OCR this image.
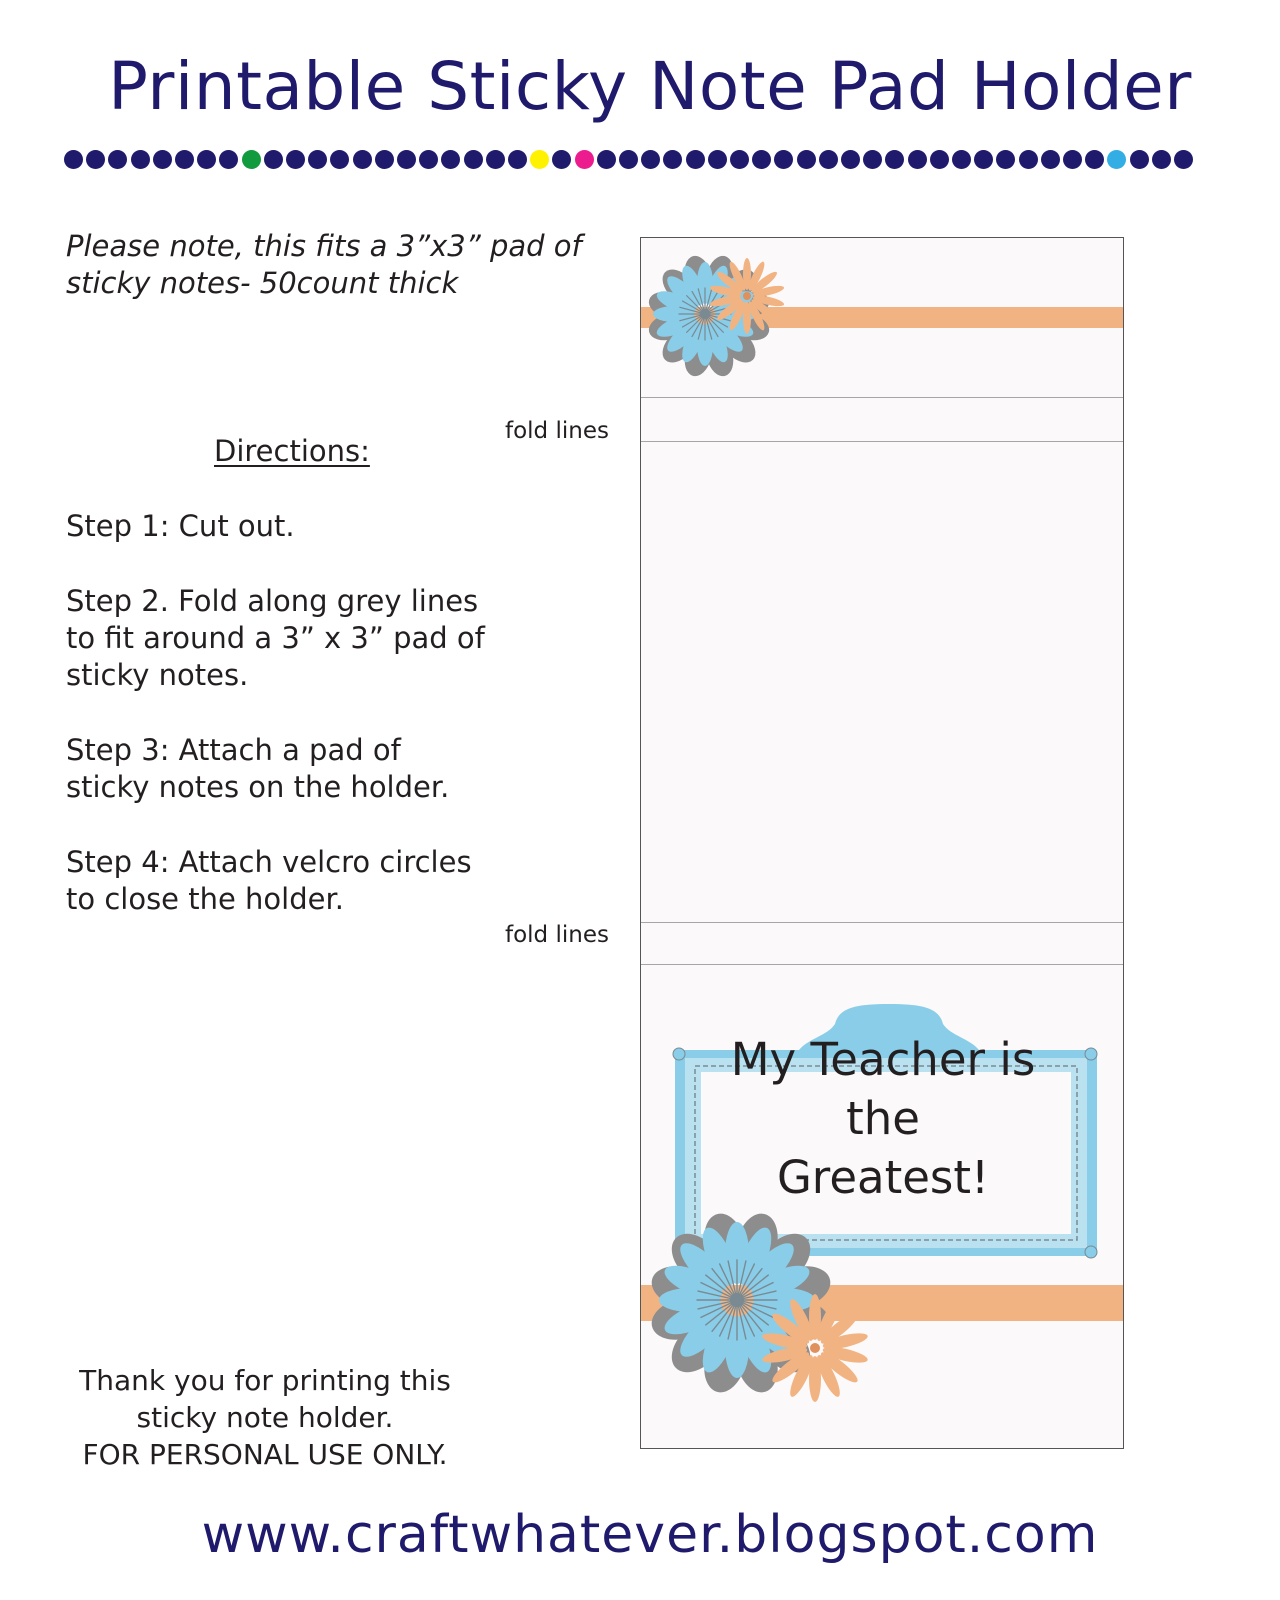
Printable Sticky Note Pad Holder
Please note, this fits a 3”x3” pad of sticky notes- 50count thick
fold lines
fold lines
Directions:
Step 1: Cut out.
Step 2. Fold along grey lines
to fit around a 3” x 3” pad of
sticky notes.
Step 3: Attach a pad of
sticky notes on the holder.
Step 4: Attach velcro circles
to close the holder.
Thank you for printing this
sticky note holder.
FOR PERSONAL USE ONLY.
www.craftwhatever.blogspot.com
My Teacher is
the
Greatest!
